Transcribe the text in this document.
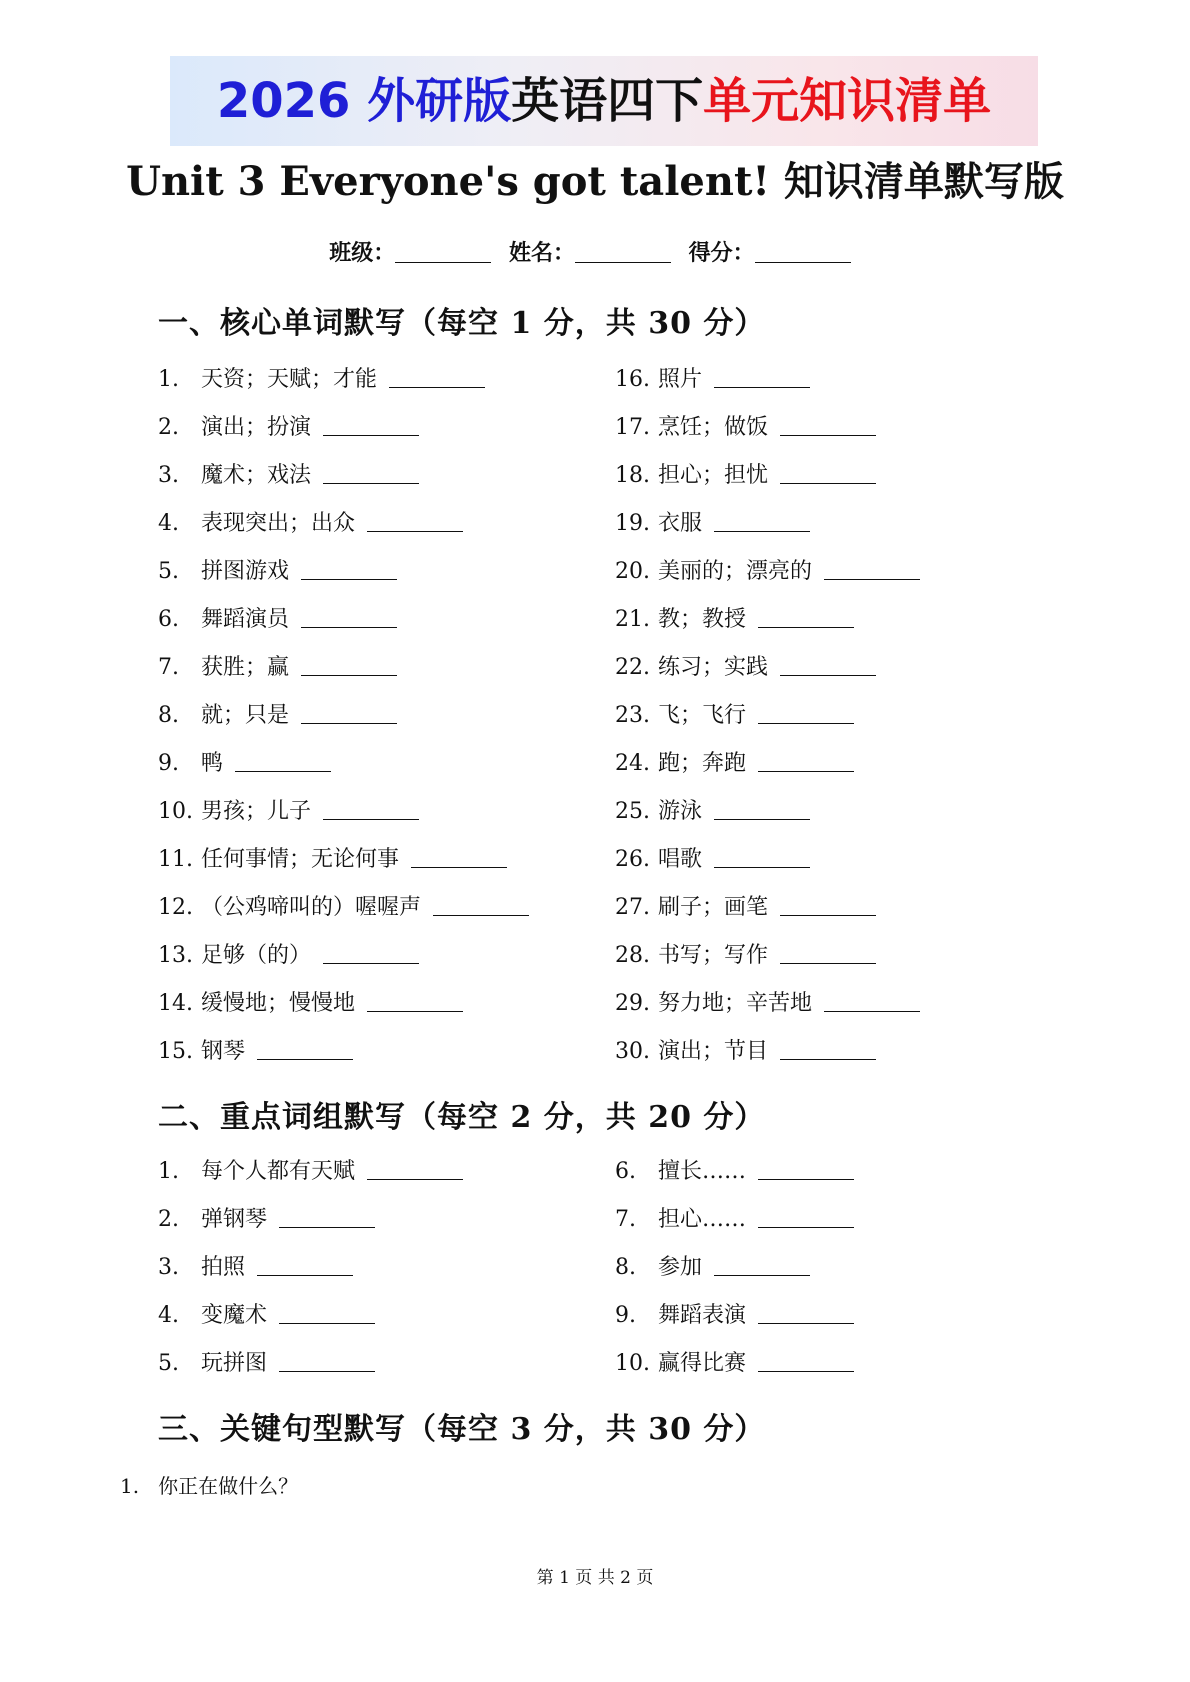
2026 外研版英语四下单元知识清单
Unit 3 Everyone's got talent! 知识清单默写版
班级：	姓名：	得分：
一、核心单词默写（每空 1 分，共 30 分）
1. 天资；天赋；才能
2. 演出；扮演
3. 魔术；戏法
4. 表现突出；出众
5. 拼图游戏
6. 舞蹈演员
7. 获胜；赢
8. 就；只是
9. 鸭
10. 男孩；儿子
11. 任何事情；无论何事
12. （公鸡啼叫的）喔喔声
13. 足够（的）
14. 缓慢地；慢慢地
15. 钢琴
16. 照片
17. 烹饪；做饭
18. 担心；担忧
19. 衣服
20. 美丽的；漂亮的
21. 教；教授
22. 练习；实践
23. 飞；飞行
24. 跑；奔跑
25. 游泳
26. 唱歌
27. 刷子；画笔
28. 书写；写作
29. 努力地；辛苦地
30. 演出；节目
二、重点词组默写（每空 2 分，共 20 分）
1. 每个人都有天赋
2. 弹钢琴
3. 拍照
4. 变魔术
5. 玩拼图
6. 擅长……
7. 担心……
8. 参加
9. 舞蹈表演
10. 赢得比赛
三、关键句型默写（每空 3 分，共 30 分）
1. 你正在做什么？
第 1 页 共 2 页
